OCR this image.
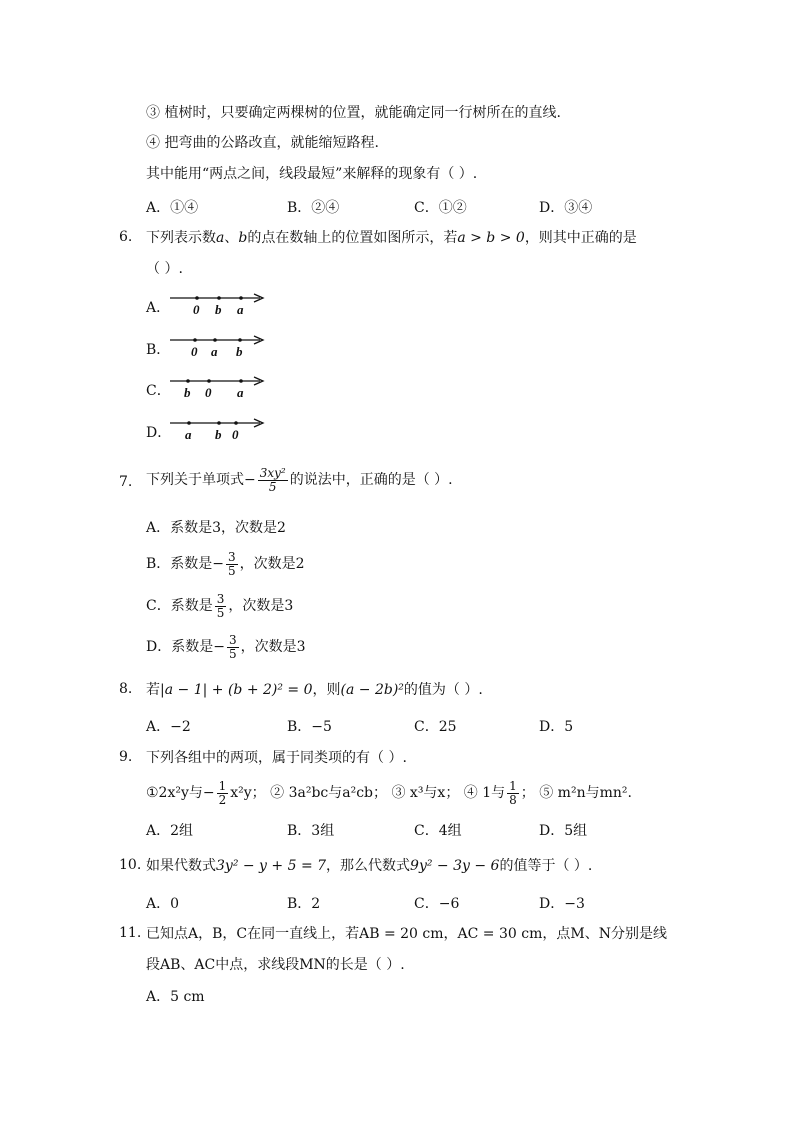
③ 植树时，只要确定两棵树的位置，就能确定同一行树所在的直线.
④ 把弯曲的公路改直，就能缩短路程.
其中能用“两点之间，线段最短”来解释的现象有（ ）.
A．①④	B．②④	C．①②	D．③④
6. 下列表示数a、b的点在数轴上的位置如图所示，若a > b > 0，则其中正确的是
（ ）.
A． 0 b a
B． 0 a b
C． b 0 a
D． a b 0
7. 下列关于单项式− $\frac{\text{3xy²}}{5}$ 的说法中，正确的是（ ）.
A．系数是3，次数是2
B．系数是− $\frac{3}{5}$ ，次数是2
C．系数是 $\frac{3}{5}$ ，次数是3
D．系数是− $\frac{3}{5}$ ，次数是3
8. 若|a − 1| + (b + 2)² = 0，则(a − 2b)²的值为（ ）.
A．−2	B．−5	C．25	D．5
9. 下列各组中的两项，属于同类项的有（ ）.
①2x²y与− $\frac{1}{2} x^2y$； ② 3a²bc与a²cb； ③ x³与x； ④ 1与 $\frac{1}{8}$ ； ⑤ m²n与mn².
A．2组	B．3组	C．4组	D．5组
10. 如果代数式3y² − y + 5 = 7，那么代数式9y² − 3y − 6的值等于（ ）.
A．0	B．2	C．−6	D．−3
11. 已知点A，B，C在同一直线上，若AB = 20 cm，AC = 30 cm，点M、N分别是线
段AB、AC中点，求线段MN的长是（ ）.
A．5 cm
